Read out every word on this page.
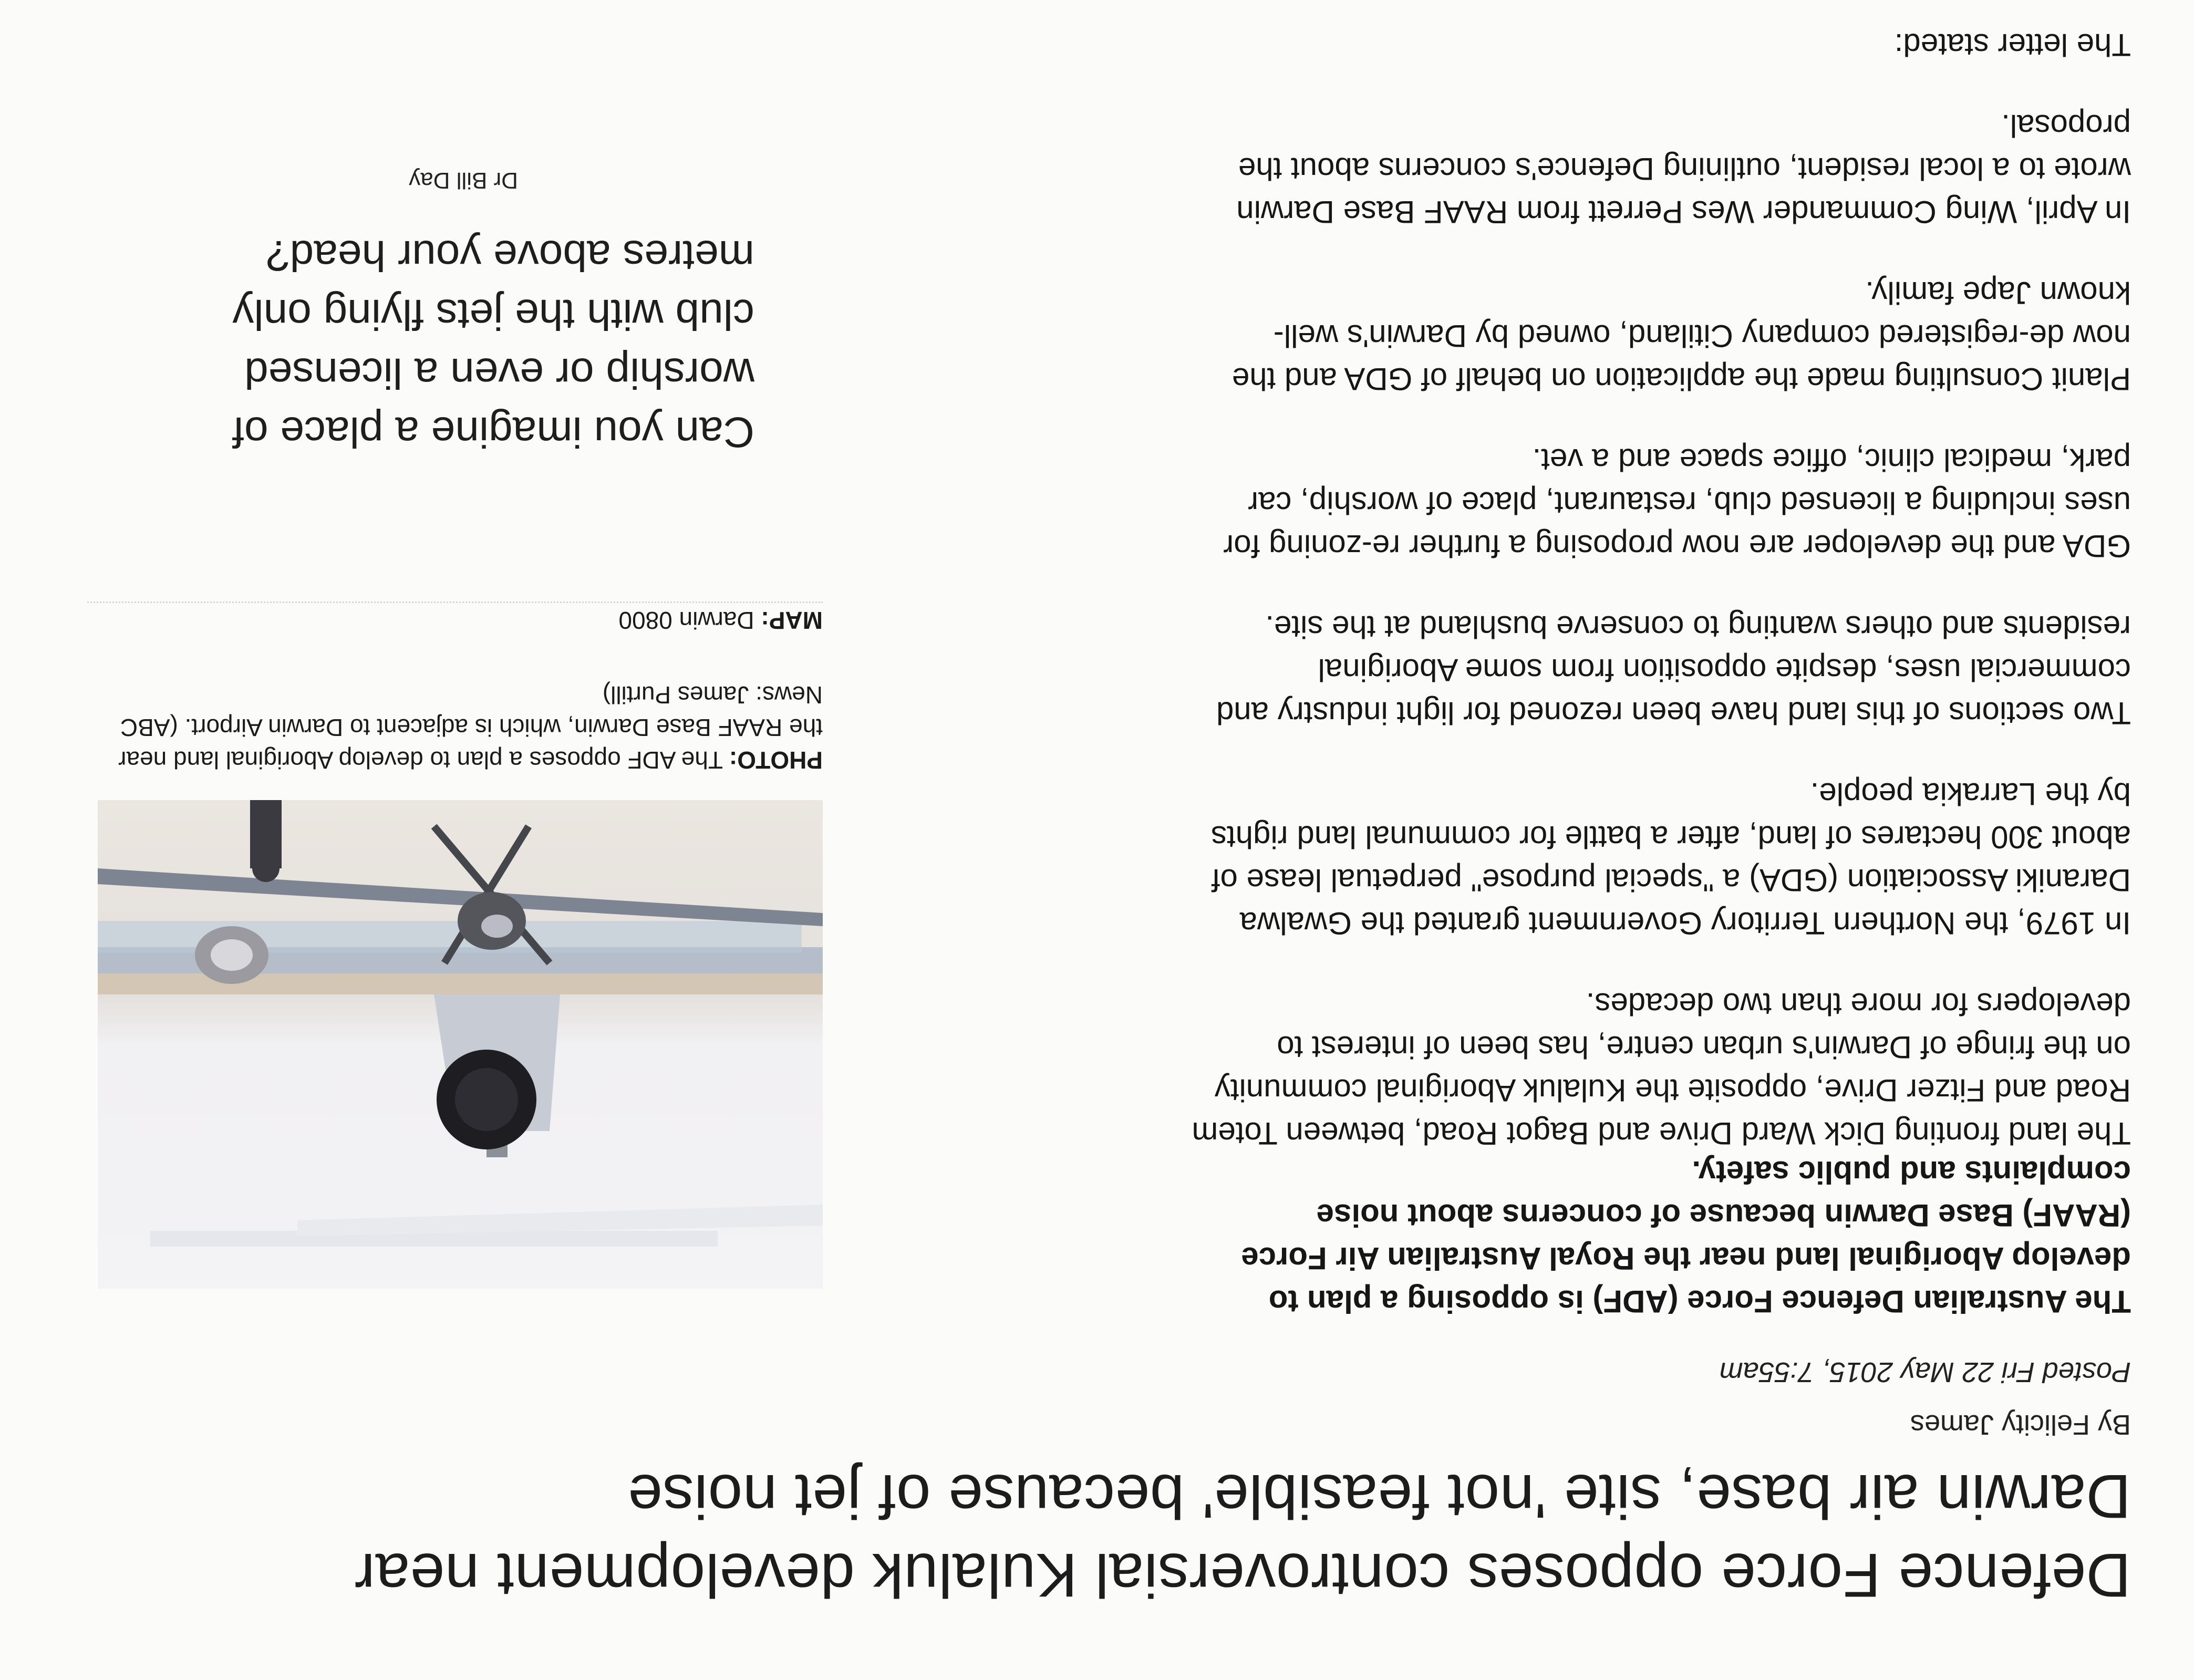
Defence Force opposes controversial Kulaluk development near Darwin air base, site 'not feasible' because of jet noise
By Felicity James
Posted Fri 22 May 2015, 7:55am

The Australian Defence Force (ADF) is opposing a plan to develop Aboriginal land near the Royal Australian Air Force (RAAF) Base Darwin because of concerns about noise complaints and public safety.

The land fronting Dick Ward Drive and Bagot Road, between Totem Road and Fitzer Drive, opposite the Kulaluk Aboriginal community on the fringe of Darwin's urban centre, has been of interest to developers for more than two decades.

In 1979, the Northern Territory Government granted the Gwalwa Daraniki Association (GDA) a "special purpose" perpetual lease of about 300 hectares of land, after a battle for communal land rights by the Larrakia people.

Two sections of this land have been rezoned for light industry and commercial uses, despite opposition from some Aboriginal residents and others wanting to conserve bushland at the site.

GDA and the developer are now proposing a further re-zoning for uses including a licensed club, restaurant, place of worship, car park, medical clinic, office space and a vet.

Planit Consulting made the application on behalf of GDA and the now de-registered company Citiland, owned by Darwin's well-known Jape family.

In April, Wing Commander Wes Perrett from RAAF Base Darwin wrote to a local resident, outlining Defence's concerns about the proposal.

The letter stated:

PHOTO: The ADF opposes a plan to develop Aboriginal land near the RAAF Base Darwin, which is adjacent to Darwin Airport. (ABC News: James Purtill)
MAP: Darwin 0800

Can you imagine a place of worship or even a licensed club with the jets flying only metres above your head?

Dr Bill Day
